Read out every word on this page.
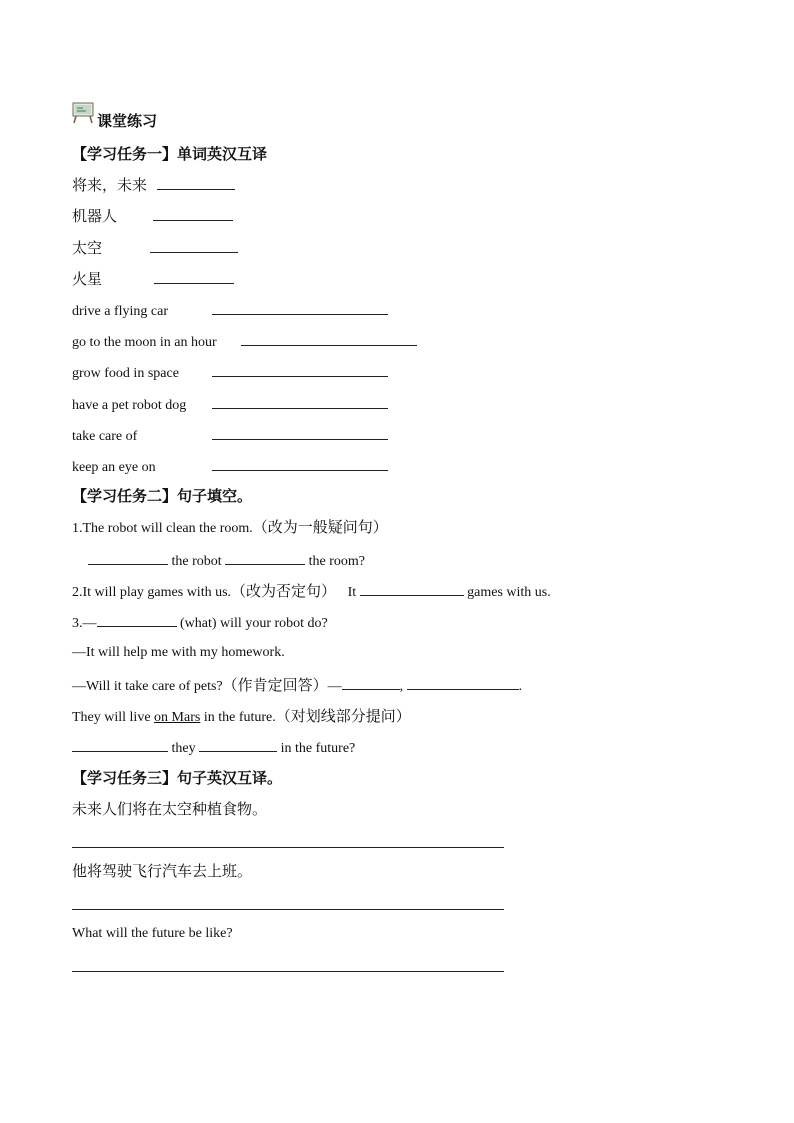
课堂练习
【学习任务一】单词英汉互译
将来，未来
机器人
太空
火星
drive a flying car
go to the moon in an hour
grow food in space
have a pet robot dog
take care of
keep an eye on
【学习任务二】句子填空。
1.The robot will clean the room.（改为一般疑问句）
the robot	the room?
2.It will play games with us.（改为否定句） It	games with us.
3.—	(what) will your robot do?
—It will help me with my homework.
—Will it take care of pets?（作肯定回答）—	,	.
They will live on Mars in the future.（对划线部分提问）
they	in the future?
【学习任务三】句子英汉互译。
未来人们将在太空种植食物。
他将驾驶飞行汽车去上班。
What will the future be like?
